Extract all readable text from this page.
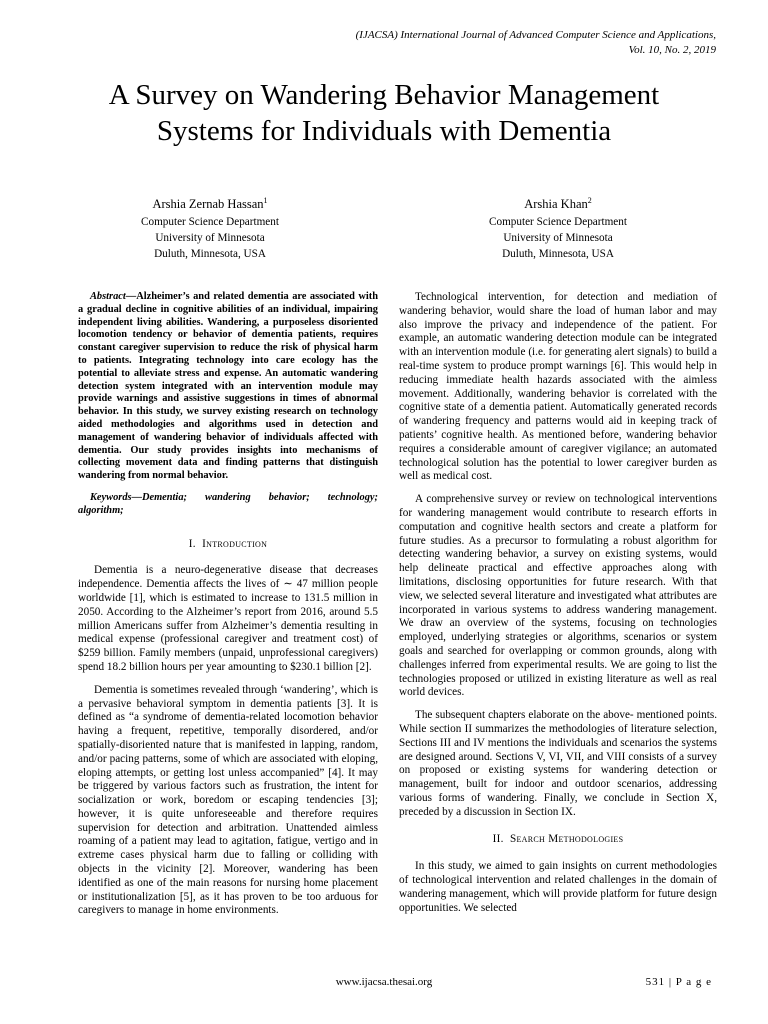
(IJACSA) International Journal of Advanced Computer Science and Applications,
Vol. 10, No. 2, 2019
A Survey on Wandering Behavior Management
Systems for Individuals with Dementia
Arshia Zernab Hassan$^1$
Computer Science Department
University of Minnesota
Duluth, Minnesota, USA
Arshia Khan$^2$
Computer Science Department
University of Minnesota
Duluth, Minnesota, USA
Abstract—Alzheimer’s and related dementia are associated with a gradual decline in cognitive abilities of an individual, impairing independent living abilities. Wandering, a purposeless disoriented locomotion tendency or behavior of dementia patients, requires constant caregiver supervision to reduce the risk of physical harm to patients. Integrating technology into care ecology has the potential to alleviate stress and expense. An automatic wandering detection system integrated with an intervention module may provide warnings and assistive suggestions in times of abnormal behavior. In this study, we survey existing research on technology aided methodologies and algorithms used in detection and management of wandering behavior of individuals affected with dementia. Our study provides insights into mechanisms of collecting movement data and finding patterns that distinguish wandering from normal behavior.
Keywords—Dementia; wandering behavior; technology; algorithm;
I. Introduction

Dementia is a neuro-degenerative disease that decreases independence. Dementia affects the lives of ∼ 47 million people worldwide [1], which is estimated to increase to 131.5 million in 2050. According to the Alzheimer’s report from 2016, around 5.5 million Americans suffer from Alzheimer’s dementia resulting in medical expense (professional caregiver and treatment cost) of $259 billion. Family members (unpaid, unprofessional caregivers) spend 18.2 billion hours per year amounting to $230.1 billion [2].

Dementia is sometimes revealed through ‘wandering’, which is a pervasive behavioral symptom in dementia patients [3]. It is defined as “a syndrome of dementia-related locomotion behavior having a frequent, repetitive, temporally disordered, and/or spatially-disoriented nature that is manifested in lapping, random, and/or pacing patterns, some of which are associated with eloping, eloping attempts, or getting lost unless accompanied” [4]. It may be triggered by various factors such as frustration, the intent for socialization or work, boredom or escaping tendencies [3]; however, it is quite unforeseeable and therefore requires supervision for detection and arbitration. Unattended aimless roaming of a patient may lead to agitation, fatigue, vertigo and in extreme cases physical harm due to falling or colliding with objects in the vicinity [2]. Moreover, wandering has been identified as one of the main reasons for nursing home placement or institutionalization [5], as it has proven to be too arduous for caregivers to manage in home environments.

Technological intervention, for detection and mediation of wandering behavior, would share the load of human labor and may also improve the privacy and independence of the patient. For example, an automatic wandering detection module can be integrated with an intervention module (i.e. for generating alert signals) to build a real-time system to produce prompt warnings [6]. This would help in reducing immediate health hazards associated with the aimless movement. Additionally, wandering behavior is correlated with the cognitive state of a dementia patient. Automatically generated records of wandering frequency and patterns would aid in keeping track of patients’ cognitive health. As mentioned before, wandering behavior requires a considerable amount of caregiver vigilance; an automated technological solution has the potential to lower caregiver burden as well as medical cost.

A comprehensive survey or review on technological interventions for wandering management would contribute to research efforts in computation and cognitive health sectors and create a platform for future studies. As a precursor to formulating a robust algorithm for detecting wandering behavior, a survey on existing systems, would help delineate practical and effective approaches along with limitations, disclosing opportunities for future research. With that view, we selected several literature and investigated what attributes are incorporated in various systems to address wandering management. We draw an overview of the systems, focusing on technologies employed, underlying strategies or algorithms, scenarios or system goals and searched for overlapping or common grounds, along with challenges inferred from experimental results. We are going to list the technologies proposed or utilized in existing literature as well as real world devices.

The subsequent chapters elaborate on the above- mentioned points. While section II summarizes the methodologies of literature selection, Sections III and IV mentions the individuals and scenarios the systems are designed around. Sections V, VI, VII, and VIII consists of a survey on proposed or existing systems for wandering detection or management, built for indoor and outdoor scenarios, addressing various forms of wandering. Finally, we conclude in Section X, preceded by a discussion in Section IX.

II. Search Methodologies

In this study, we aimed to gain insights on current methodologies of technological intervention and related challenges in the domain of wandering management, which will provide platform for future design opportunities. We selected

www.ijacsa.thesai.org	531 | P a g e
